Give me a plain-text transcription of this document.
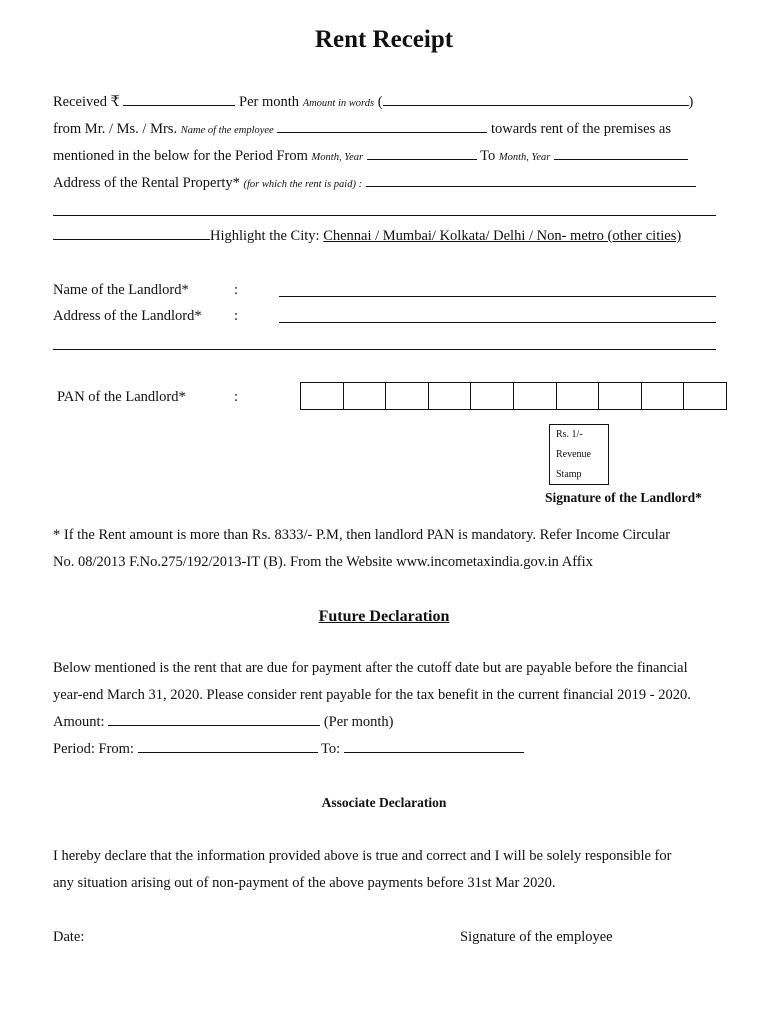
Rent Receipt
Received ₹	Per month Amount in words (	)
from Mr. / Ms. / Mrs. Name of the employee	towards rent of the premises as
mentioned in the below for the Period From Month, Year	To Month, Year
Address of the Rental Property* (for which the rent is paid) :
Highlight the City: Chennai / Mumbai/ Kolkata/ Delhi / Non- metro (other cities)
Name of the Landlord*	:
Address of the Landlord* :
PAN of the Landlord*	:
Rs. 1/-
Revenue
Stamp
Signature of the Landlord*
* If the Rent amount is more than Rs. 8333/- P.M, then landlord PAN is mandatory. Refer Income Circular
No. 08/2013 F.No.275/192/2013-IT (B). From the Website www.incometaxindia.gov.in Affix
Future Declaration
Below mentioned is the rent that are due for payment after the cutoff date but are payable before the financial
year-end March 31, 2020. Please consider rent payable for the tax benefit in the current financial 2019 - 2020.
Amount:	(Per month)
Period: From:	To:
Associate Declaration
I hereby declare that the information provided above is true and correct and I will be solely responsible for
any situation arising out of non-payment of the above payments before 31st Mar 2020.
Date:	Signature of the employee
